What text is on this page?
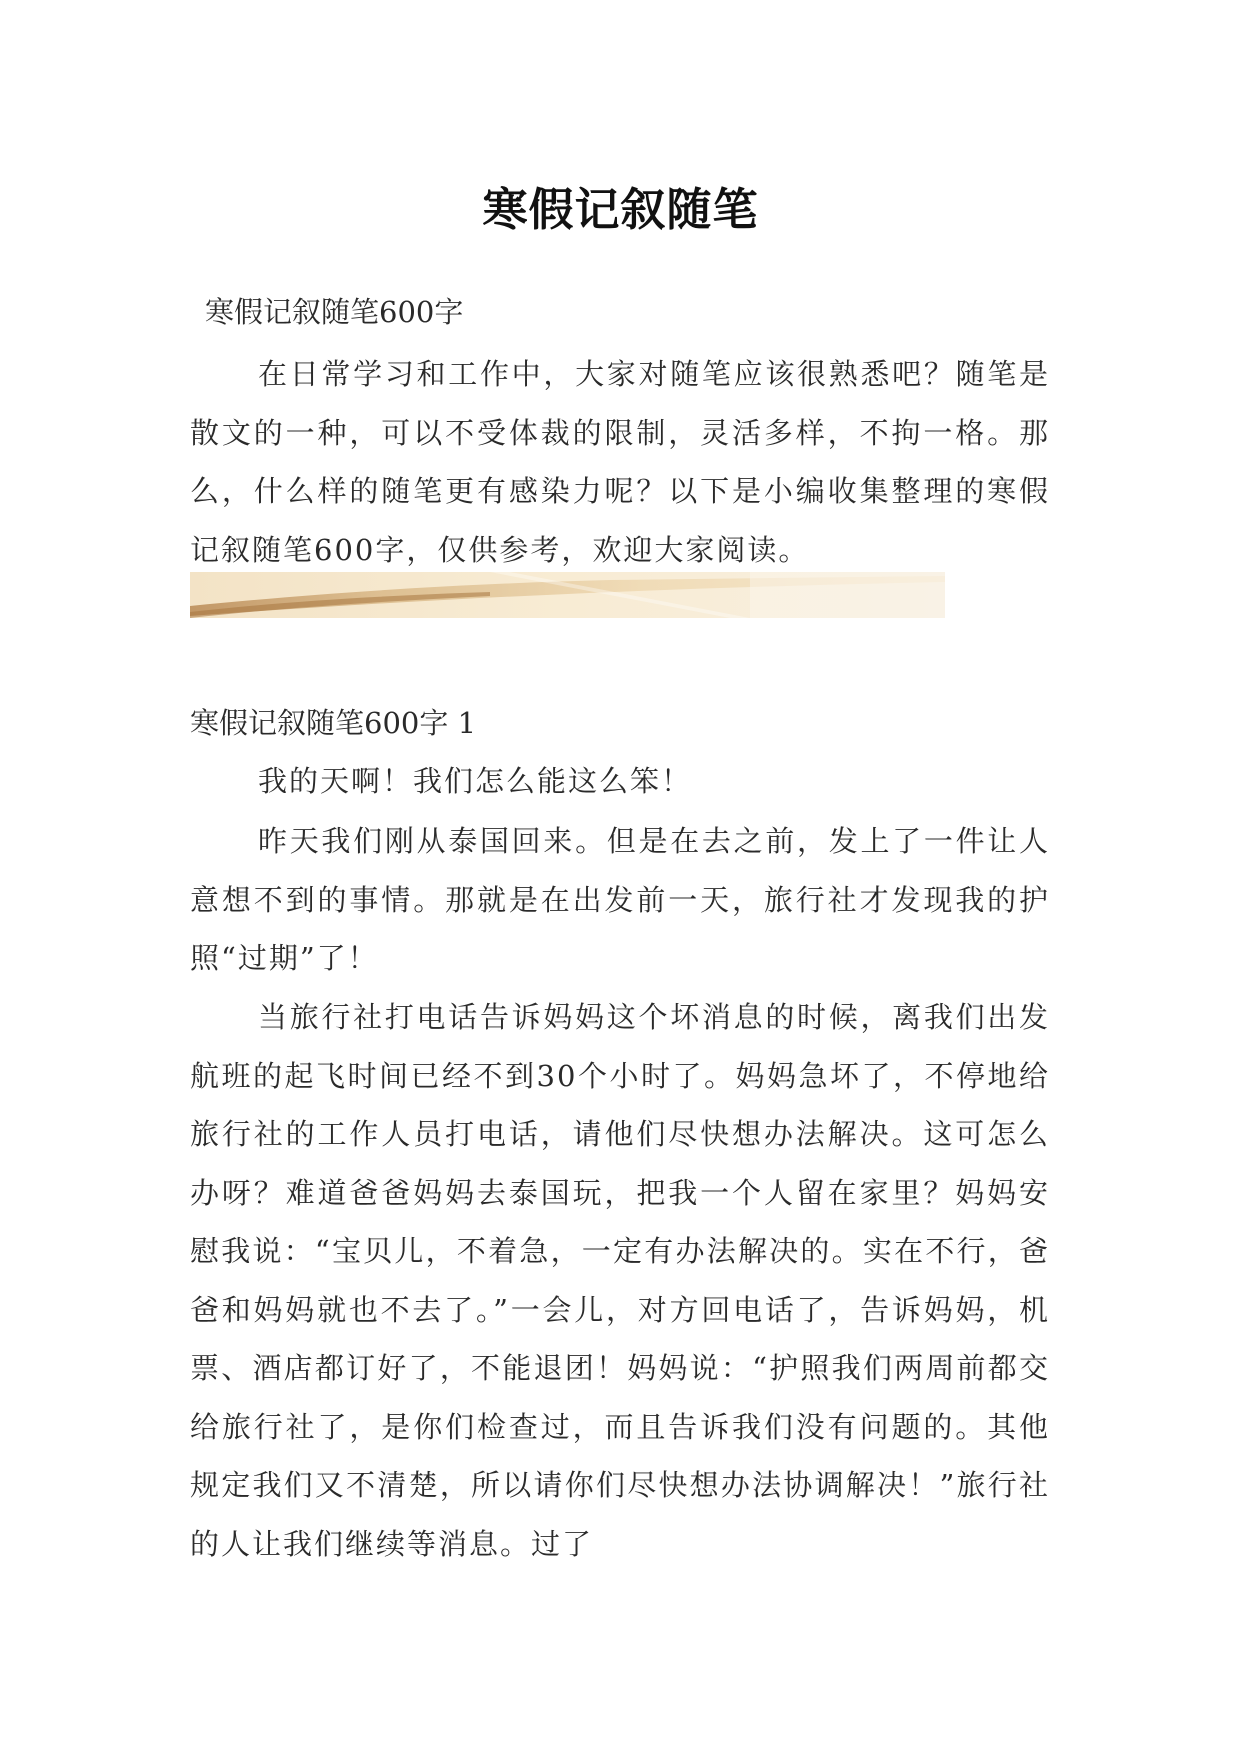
寒假记叙随笔
寒假记叙随笔600字

在日常学习和工作中，大家对随笔应该很熟悉吧？随笔是散文的一种，可以不受体裁的限制，灵活多样，不拘一格。那么，什么样的随笔更有感染力呢？以下是小编收集整理的寒假记叙随笔600字，仅供参考，欢迎大家阅读。

寒假记叙随笔600字 1

我的天啊！我们怎么能这么笨！

昨天我们刚从泰国回来。但是在去之前，发上了一件让人意想不到的事情。那就是在出发前一天，旅行社才发现我的护照“过期”了！

当旅行社打电话告诉妈妈这个坏消息的时候，离我们出发航班的起飞时间已经不到30个小时了。妈妈急坏了，不停地给旅行社的工作人员打电话，请他们尽快想办法解决。这可怎么办呀？难道爸爸妈妈去泰国玩，把我一个人留在家里？妈妈安慰我说：“宝贝儿，不着急，一定有办法解决的。实在不行，爸爸和妈妈就也不去了。”一会儿，对方回电话了，告诉妈妈，机票、酒店都订好了，不能退团！妈妈说：“护照我们两周前都交给旅行社了，是你们检查过，而且告诉我们没有问题的。其他规定我们又不清楚，所以请你们尽快想办法协调解决！”旅行社的人让我们继续等消息。过了
